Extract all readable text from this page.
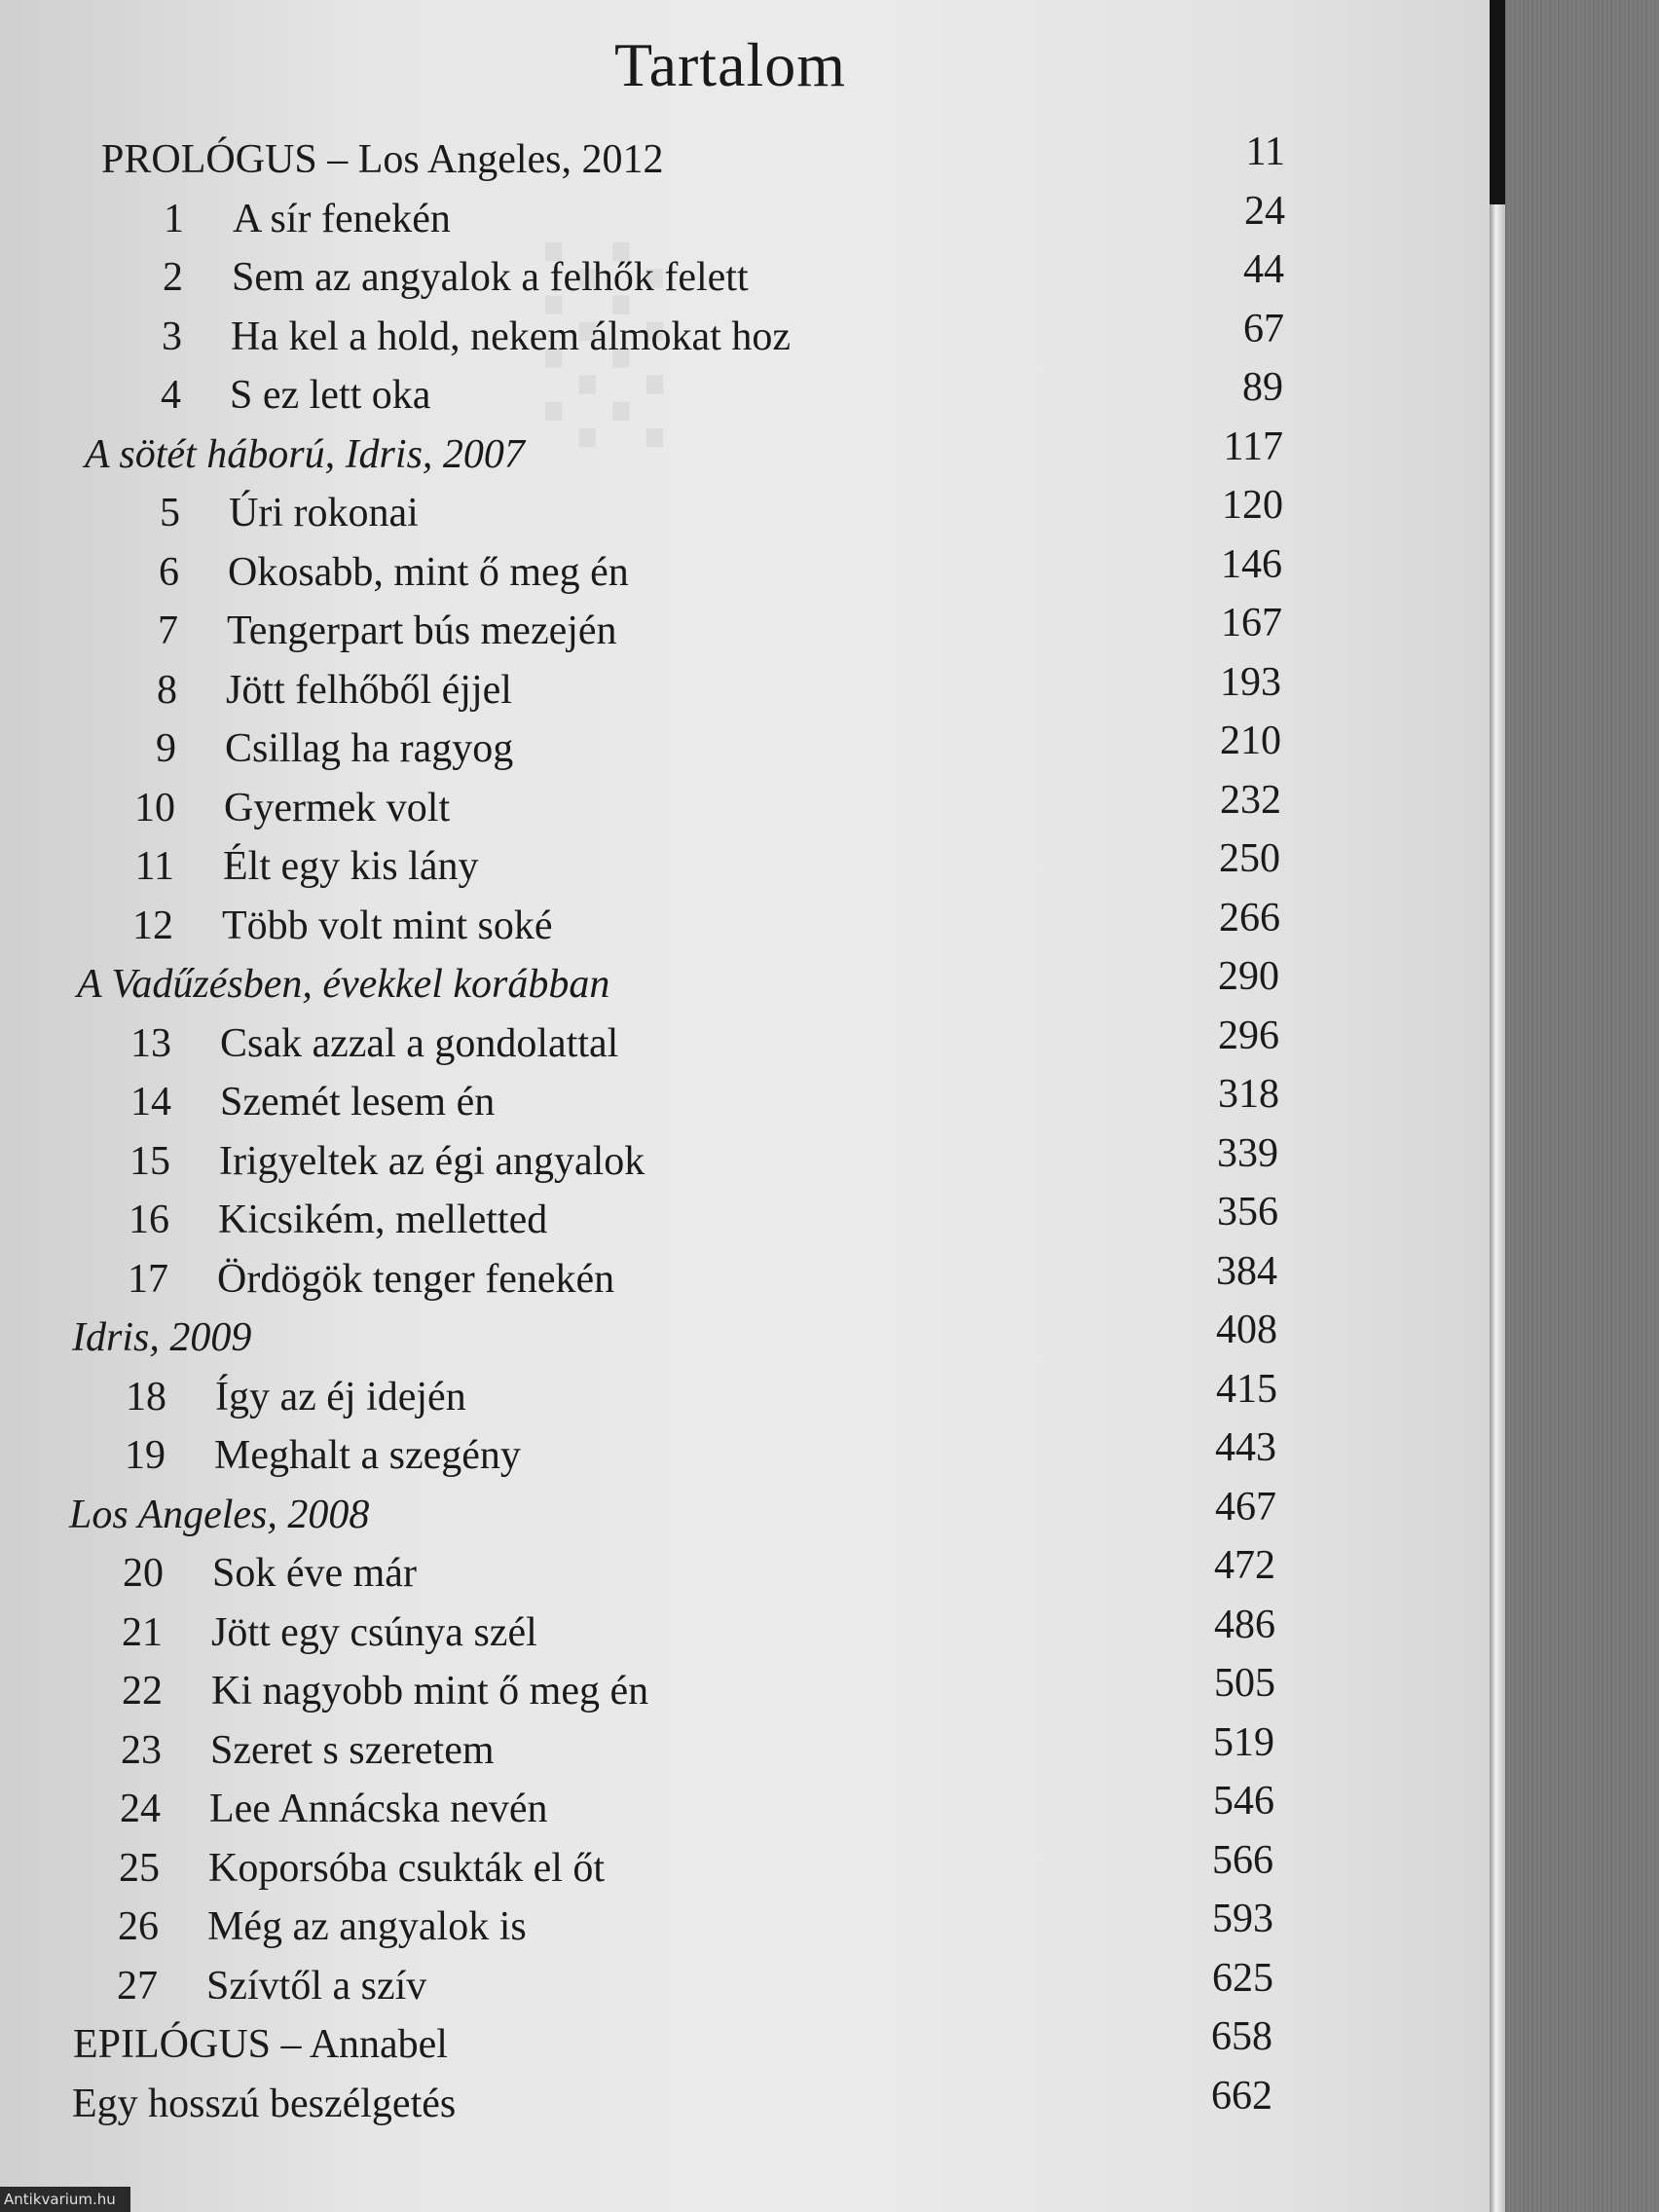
░
Tartalom
PROLÓGUS – Los Angeles, 2012	11
1 A sír fenekén	24
2 Sem az angyalok a felhők felett	44
3 Ha kel a hold, nekem álmokat hoz	67
4 S ez lett oka	89
A sötét háború, Idris, 2007	117
5 Úri rokonai	120
6 Okosabb, mint ő meg én	146
7 Tengerpart bús mezején	167
8 Jött felhőből éjjel	193
9 Csillag ha ragyog	210
10 Gyermek volt	232
11 Élt egy kis lány	250
12 Több volt mint soké	266
A Vadűzésben, évekkel korábban	290
13 Csak azzal a gondolattal	296
14 Szemét lesem én	318
15 Irigyeltek az égi angyalok	339
16 Kicsikém, melletted	356
17 Ördögök tenger fenekén	384
Idris, 2009	408
18 Így az éj idején	415
19 Meghalt a szegény	443
Los Angeles, 2008	467
20 Sok éve már	472
21 Jött egy csúnya szél	486
22 Ki nagyobb mint ő meg én	505
23 Szeret s szeretem	519
24 Lee Annácska nevén	546
25 Koporsóba csukták el őt	566
26 Még az angyalok is	593
27 Szívtől a szív	625
EPILÓGUS – Annabel	658
Egy hosszú beszélgetés	662
Antikvarium.hu
